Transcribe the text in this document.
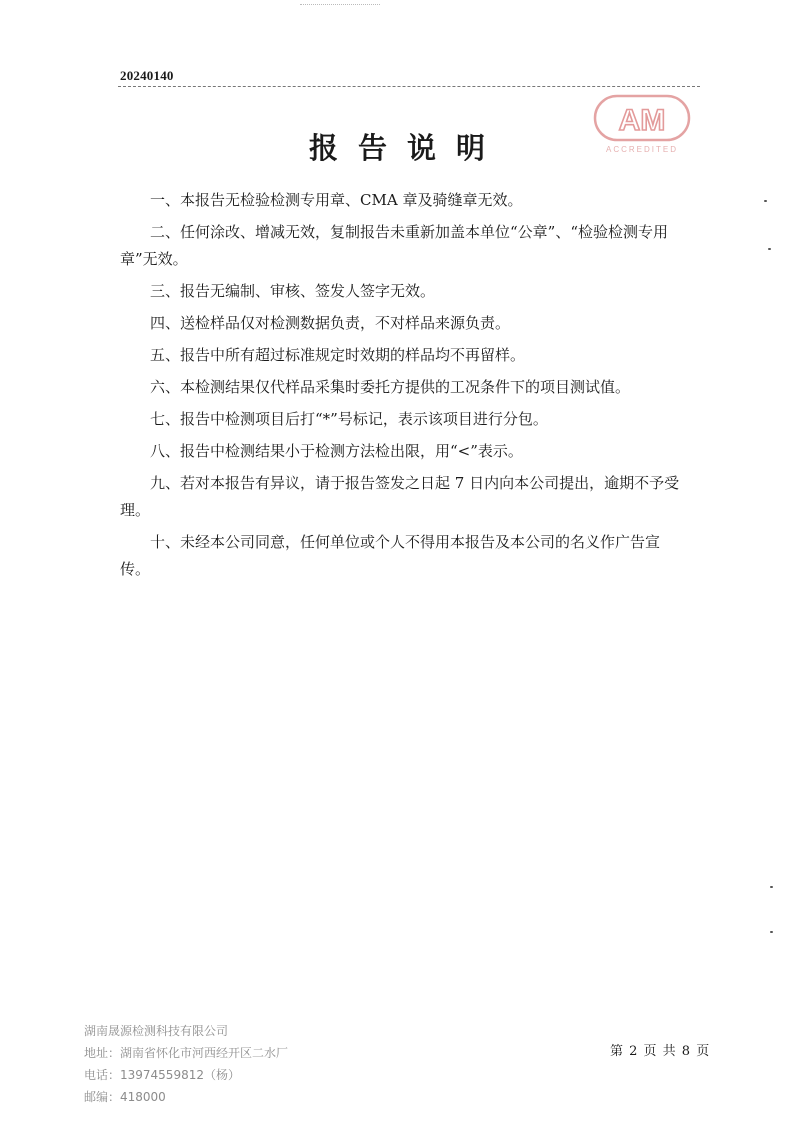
20240140
AM
ACCREDITED
报告说明

一、本报告无检验检测专用章、CMA 章及骑缝章无效。

二、任何涂改、增减无效，复制报告未重新加盖本单位“公章”、“检验检测专用章”无效。

三、报告无编制、审核、签发人签字无效。

四、送检样品仅对检测数据负责，不对样品来源负责。

五、报告中所有超过标准规定时效期的样品均不再留样。

六、本检测结果仅代样品采集时委托方提供的工况条件下的项目测试值。

七、报告中检测项目后打“*”号标记，表示该项目进行分包。

八、报告中检测结果小于检测方法检出限，用“<”表示。

九、若对本报告有异议，请于报告签发之日起 7 日内向本公司提出，逾期不予受理。

十、未经本公司同意，任何单位或个人不得用本报告及本公司的名义作广告宣传。

湖南晟源检测科技有限公司
地址：湖南省怀化市河西经开区二水厂
电话：13974559812（杨）
邮编：418000
第 2 页 共 8 页
